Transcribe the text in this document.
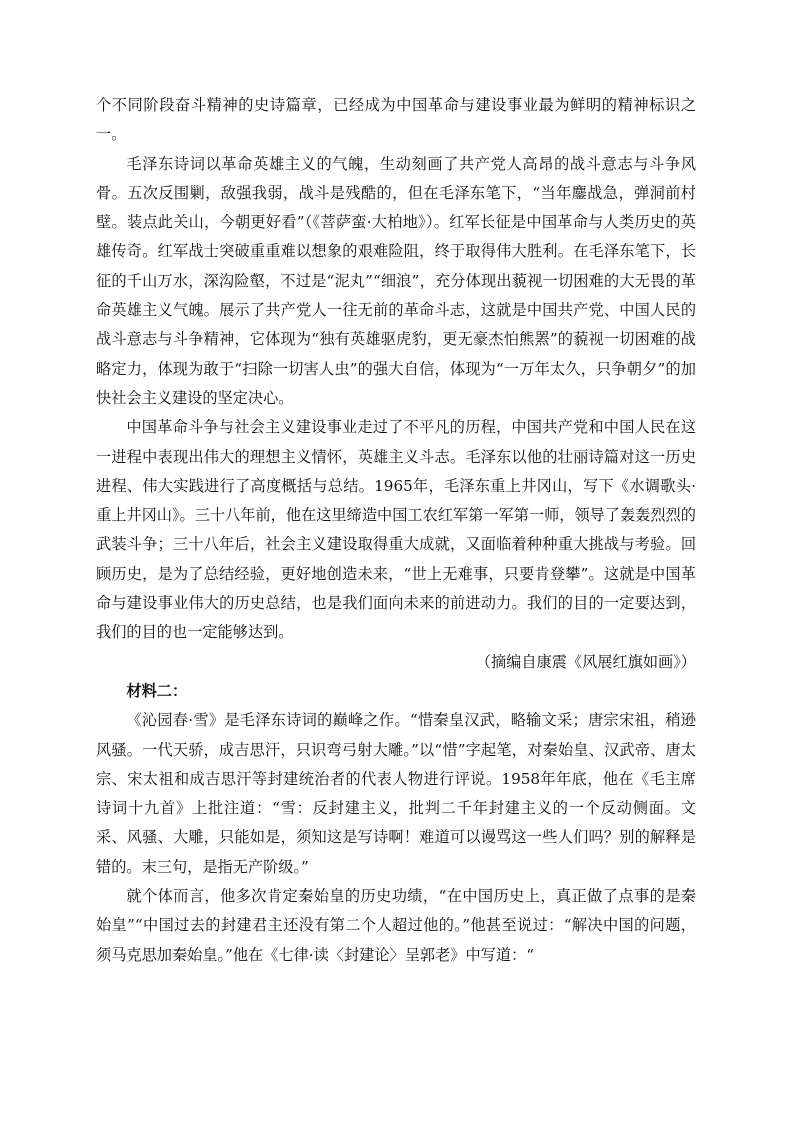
个不同阶段奋斗精神的史诗篇章，已经成为中国革命与建设事业最为鲜明的精神标识之一。

毛泽东诗词以革命英雄主义的气魄，生动刻画了共产党人高昂的战斗意志与斗争风骨。五次反围剿，敌强我弱，战斗是残酷的，但在毛泽东笔下，“当年鏖战急，弹洞前村壁。装点此关山，今朝更好看”（《菩萨蛮·大柏地》）。红军长征是中国革命与人类历史的英雄传奇。红军战士突破重重难以想象的艰难险阻，终于取得伟大胜利。在毛泽东笔下，长征的千山万水，深沟险壑，不过是“泥丸”“细浪”，充分体现出藐视一切困难的大无畏的革命英雄主义气魄。展示了共产党人一往无前的革命斗志，这就是中国共产党、中国人民的战斗意志与斗争精神，它体现为“独有英雄驱虎豹，更无豪杰怕熊罴”的藐视一切困难的战略定力，体现为敢于“扫除一切害人虫”的强大自信，体现为“一万年太久，只争朝夕”的加快社会主义建设的坚定决心。

中国革命斗争与社会主义建设事业走过了不平凡的历程，中国共产党和中国人民在这一进程中表现出伟大的理想主义情怀，英雄主义斗志。毛泽东以他的壮丽诗篇对这一历史进程、伟大实践进行了高度概括与总结。1965年，毛泽东重上井冈山，写下《水调歌头·重上井冈山》。三十八年前，他在这里缔造中国工农红军第一军第一师，领导了轰轰烈烈的武装斗争；三十八年后，社会主义建设取得重大成就，又面临着种种重大挑战与考验。回顾历史，是为了总结经验，更好地创造未来，“世上无难事，只要肯登攀”。这就是中国革命与建设事业伟大的历史总结，也是我们面向未来的前进动力。我们的目的一定要达到，我们的目的也一定能够达到。

（摘编自康震《风展红旗如画》）

材料二：

《沁园春·雪》是毛泽东诗词的巅峰之作。“惜秦皇汉武，略输文采；唐宗宋祖，稍逊风骚。一代天骄，成吉思汗，只识弯弓射大雕。”以“惜”字起笔，对秦始皇、汉武帝、唐太宗、宋太祖和成吉思汗等封建统治者的代表人物进行评说。1958年年底，他在《毛主席诗词十九首》上批注道：“雪：反封建主义，批判二千年封建主义的一个反动侧面。文采、风骚、大雕，只能如是，须知这是写诗啊！难道可以谩骂这一些人们吗？别的解释是错的。末三句，是指无产阶级。”

就个体而言，他多次肯定秦始皇的历史功绩，“在中国历史上，真正做了点事的是秦始皇”“中国过去的封建君主还没有第二个人超过他的。”他甚至说过：“解决中国的问题，须马克思加秦始皇。”他在《七律·读〈封建论〉呈郭老》中写道：“
